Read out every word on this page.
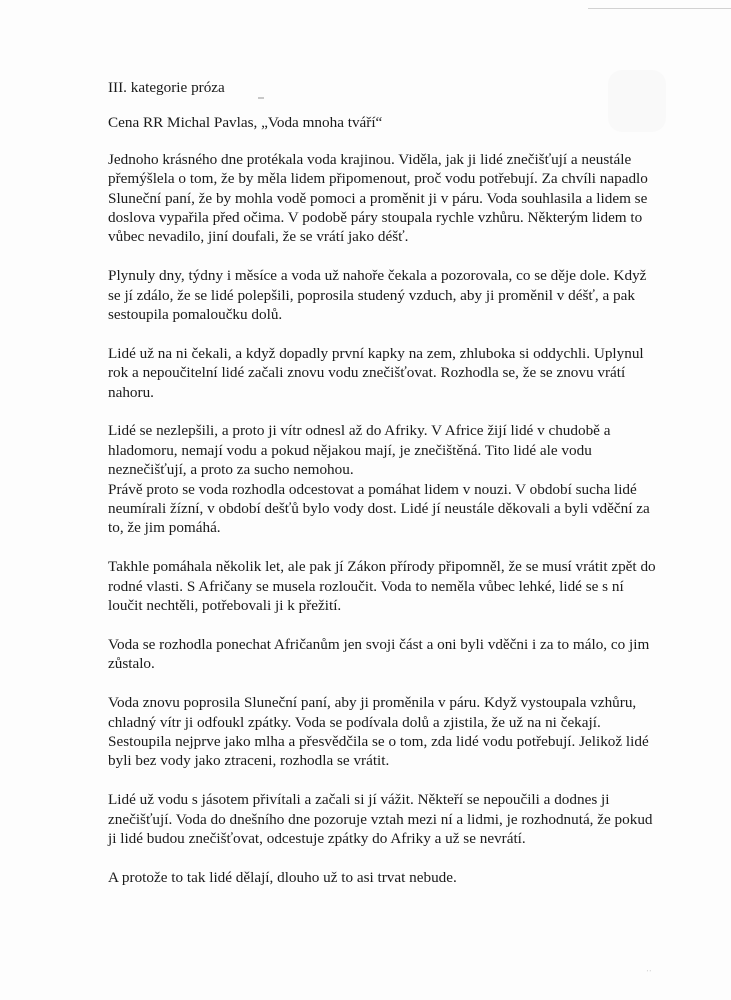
III. kategorie próza

Cena RR Michal Pavlas, „Voda mnoha tváří“

Jednoho krásného dne protékala voda krajinou. Viděla, jak ji lidé znečišťují a neustále přemýšlela o tom, že by měla lidem připomenout, proč vodu potřebují. Za chvíli napadlo Sluneční paní, že by mohla vodě pomoci a proměnit ji v páru. Voda souhlasila a lidem se doslova vypařila před očima. V podobě páry stoupala rychle vzhůru. Některým lidem to vůbec nevadilo, jiní doufali, že se vrátí jako déšť.

Plynuly dny, týdny i měsíce a voda už nahoře čekala a pozorovala, co se děje dole. Když se jí zdálo, že se lidé polepšili, poprosila studený vzduch, aby ji proměnil v déšť, a pak sestoupila pomaloučku dolů.

Lidé už na ni čekali, a když dopadly první kapky na zem, zhluboka si oddychli. Uplynul rok a nepoučitelní lidé začali znovu vodu znečišťovat. Rozhodla se, že se znovu vrátí nahoru.

Lidé se nezlepšili, a proto ji vítr odnesl až do Afriky. V Africe žijí lidé v chudobě a hladomoru, nemají vodu a pokud nějakou mají, je znečištěná. Tito lidé ale vodu neznečišťují, a proto za sucho nemohou.

Právě proto se voda rozhodla odcestovat a pomáhat lidem v nouzi. V období sucha lidé neumírali žízní, v období dešťů bylo vody dost. Lidé jí neustále děkovali a byli vděční za to, že jim pomáhá.

Takhle pomáhala několik let, ale pak jí Zákon přírody připomněl, že se musí vrátit zpět do rodné vlasti. S Afričany se musela rozloučit. Voda to neměla vůbec lehké, lidé se s ní loučit nechtěli, potřebovali ji k přežití.

Voda se rozhodla ponechat Afričanům jen svoji část a oni byli vděčni i za to málo, co jim zůstalo.

Voda znovu poprosila Sluneční paní, aby ji proměnila v páru. Když vystoupala vzhůru, chladný vítr ji odfoukl zpátky. Voda se podívala dolů a zjistila, že už na ni čekají. Sestoupila nejprve jako mlha a přesvědčila se o tom, zda lidé vodu potřebují. Jelikož lidé byli bez vody jako ztraceni, rozhodla se vrátit.

Lidé už vodu s jásotem přivítali a začali si jí vážit. Někteří se nepoučili a dodnes ji znečišťují. Voda do dnešního dne pozoruje vztah mezi ní a lidmi, je rozhodnutá, že pokud ji lidé budou znečišťovat, odcestuje zpátky do Afriky a už se nevrátí.

A protože to tak lidé dělají, dlouho už to asi trvat nebude.

‧‧
